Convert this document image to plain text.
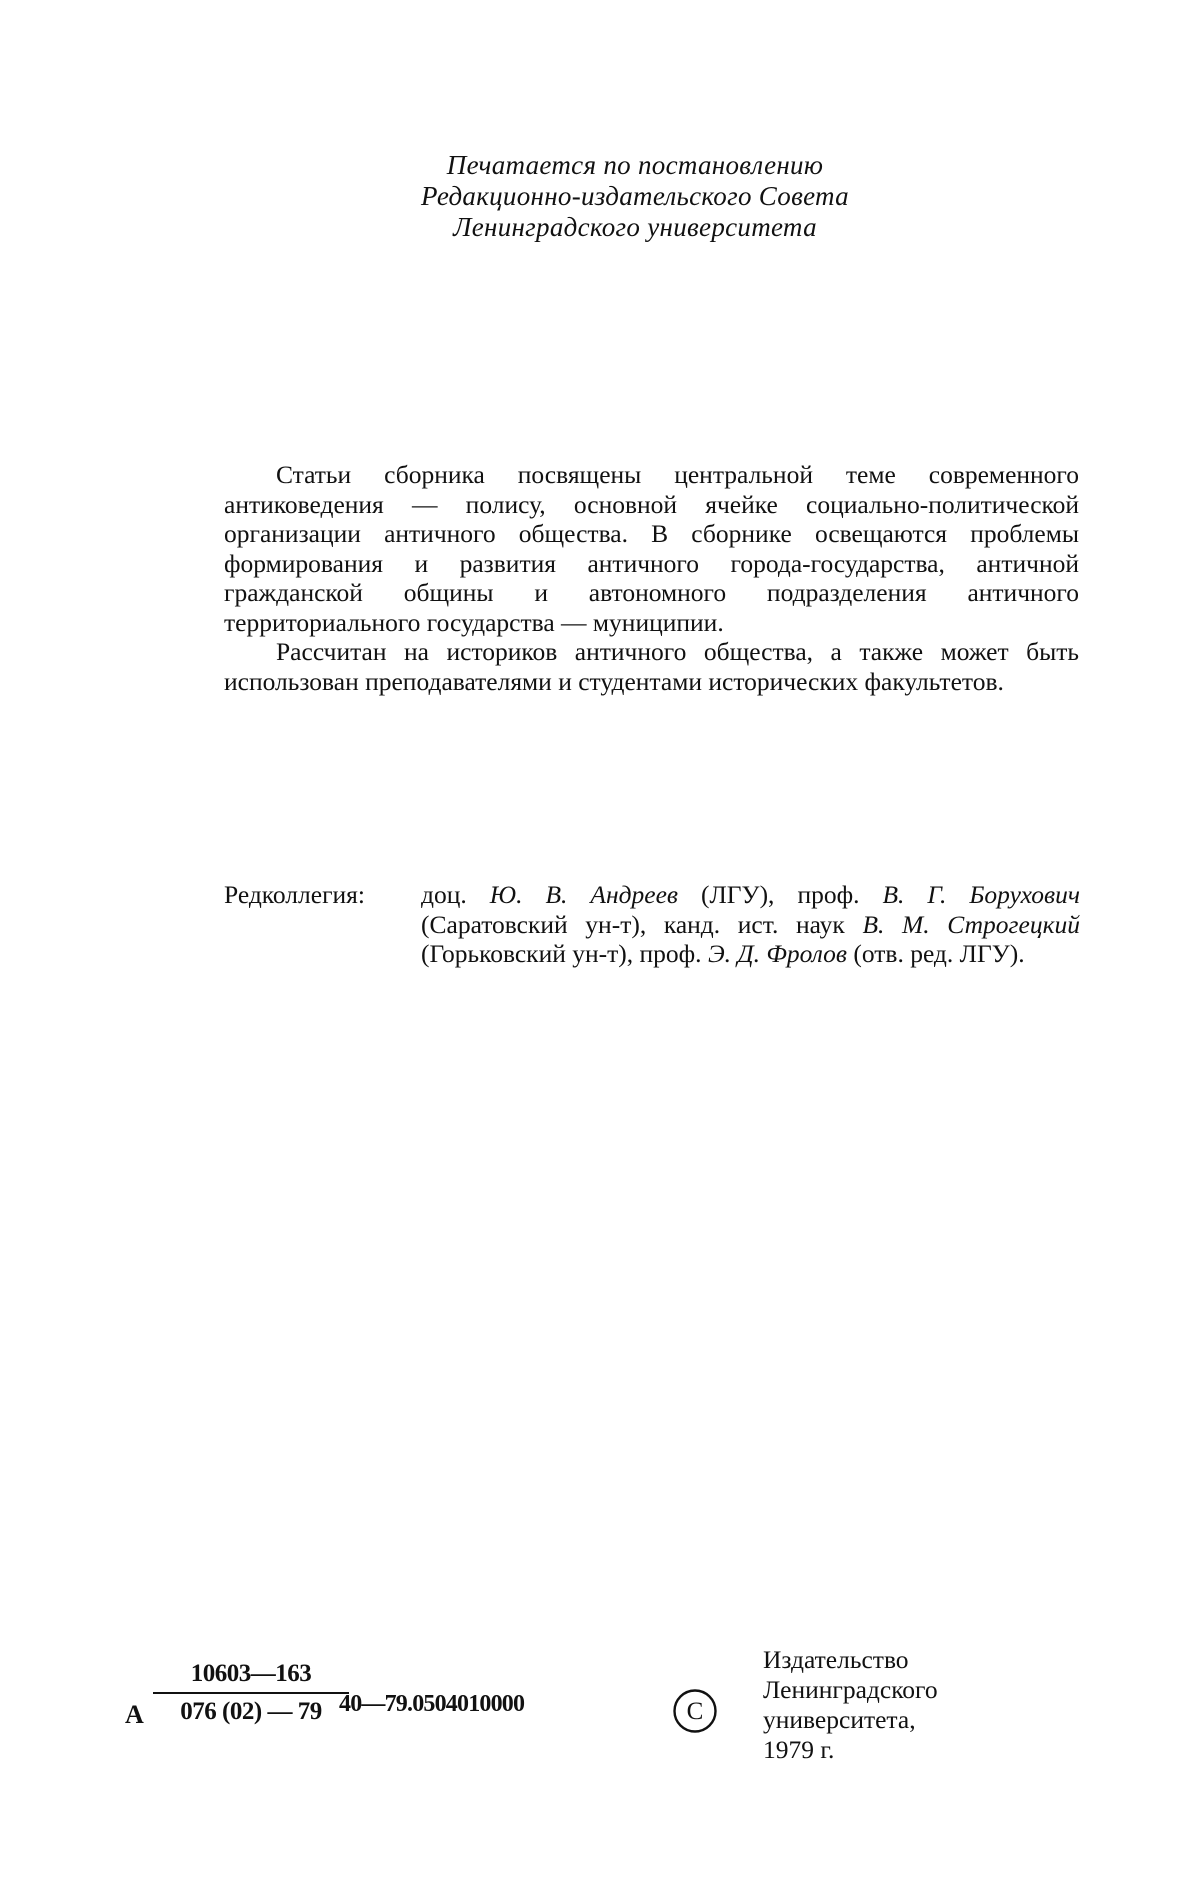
Печатается по постановлению
Редакционно-издательского Совета
Ленинградского университета

Статьи сборника посвящены центральной теме современного антиковедения — полису, основной ячейке социально-политической организации античного общества. В сборнике освещаются проблемы формирования и развития античного города-государства, античной гражданской общины и автономного подразделения античного территориального государства — муниципии.

Рассчитан на историков античного общества, а также может быть использован преподавателями и студентами исторических факультетов.

Редколлегия: доц. Ю. В. Андреев (ЛГУ), проф. В. Г. Борухович (Саратовский ун-т), канд. ист. наук В. М. Строгецкий (Горьковский ун-т), проф. Э. Д. Фролов (отв. ред. ЛГУ).
А
10603—163
076 (02) — 79 40—79.0504010000	C
Издательство
Ленинградского
университета,
1979 г.
